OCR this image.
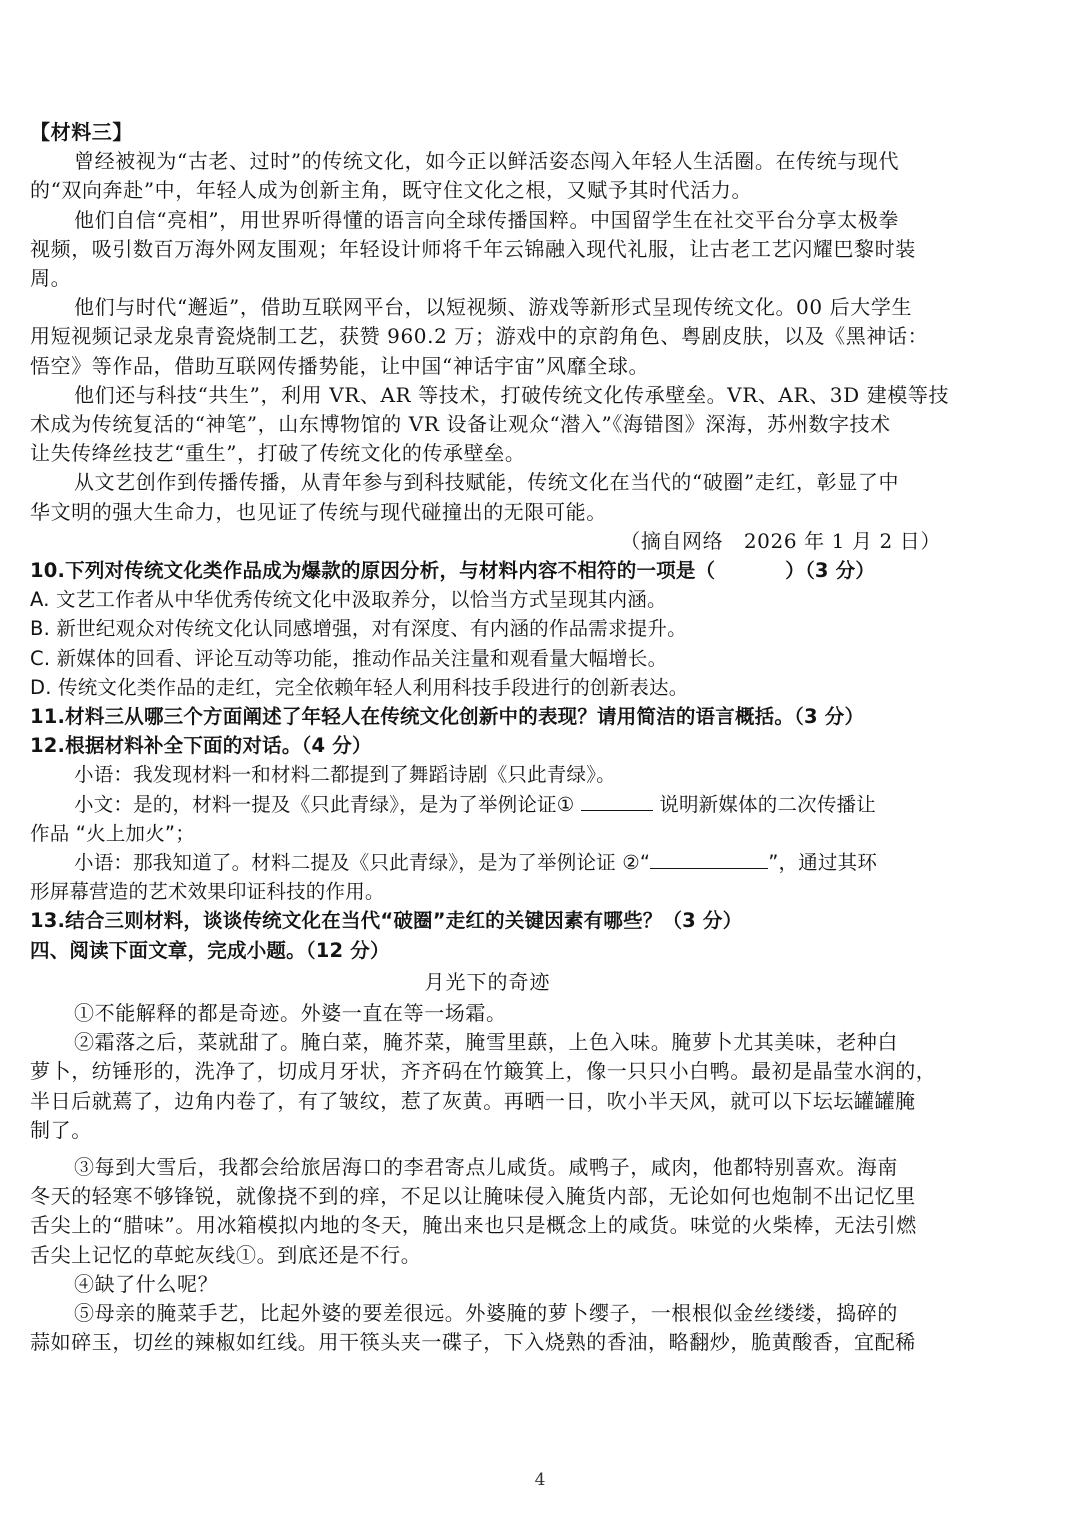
【材料三】
曾经被视为“古老、过时”的传统文化，如今正以鲜活姿态闯入年轻人生活圈。在传统与现代
的“双向奔赴”中，年轻人成为创新主角，既守住文化之根，又赋予其时代活力。
他们自信“亮相”，用世界听得懂的语言向全球传播国粹。中国留学生在社交平台分享太极拳
视频，吸引数百万海外网友围观；年轻设计师将千年云锦融入现代礼服，让古老工艺闪耀巴黎时装
周。
他们与时代“邂逅”，借助互联网平台，以短视频、游戏等新形式呈现传统文化。00 后大学生
用短视频记录龙泉青瓷烧制工艺，获赞 960.2 万；游戏中的京韵角色、粤剧皮肤，以及《黑神话：
悟空》等作品，借助互联网传播势能，让中国“神话宇宙”风靡全球。
他们还与科技“共生”，利用 VR、AR 等技术，打破传统文化传承壁垒。VR、AR、3D 建模等技
术成为传统复活的“神笔”，山东博物馆的 VR 设备让观众“潜入”《海错图》深海，苏州数字技术
让失传绛丝技艺“重生”，打破了传统文化的传承壁垒。
从文艺创作到传播传播，从青年参与到科技赋能，传统文化在当代的“破圈”走红，彰显了中
华文明的强大生命力，也见证了传统与现代碰撞出的无限可能。
（摘自网络　2026 年 1 月 2 日）
10.下列对传统文化类作品成为爆款的原因分析，与材料内容不相符的一项是（	）（3 分）
A. 文艺工作者从中华优秀传统文化中汲取养分，以恰当方式呈现其内涵。
B. 新世纪观众对传统文化认同感增强，对有深度、有内涵的作品需求提升。
C. 新媒体的回看、评论互动等功能，推动作品关注量和观看量大幅增长。
D. 传统文化类作品的走红，完全依赖年轻人利用科技手段进行的创新表达。
11.材料三从哪三个方面阐述了年轻人在传统文化创新中的表现？请用简洁的语言概括。（3 分）
12.根据材料补全下面的对话。（4 分）
小语：我发现材料一和材料二都提到了舞蹈诗剧《只此青绿》。
小文：是的，材料一提及《只此青绿》，是为了举例论证①	说明新媒体的二次传播让
作品 “火上加火”；
小语：那我知道了。材料二提及《只此青绿》，是为了举例论证 ②“	”，通过其环
形屏幕营造的艺术效果印证科技的作用。
13.结合三则材料，谈谈传统文化在当代“破圈”走红的关键因素有哪些？（3 分）
四、阅读下面文章，完成小题。（12 分）
月光下的奇迹
①不能解释的都是奇迹。外婆一直在等一场霜。
②霜落之后，菜就甜了。腌白菜，腌芥菜，腌雪里蕻，上色入味。腌萝卜尤其美味，老种白
萝卜，纺锤形的，洗净了，切成月牙状，齐齐码在竹簸箕上，像一只只小白鸭。最初是晶莹水润的，
半日后就蔫了，边角内卷了，有了皱纹，惹了灰黄。再晒一日，吹小半天风，就可以下坛坛罐罐腌
制了。
③每到大雪后，我都会给旅居海口的李君寄点儿咸货。咸鸭子，咸肉，他都特别喜欢。海南
冬天的轻寒不够锋锐，就像挠不到的痒，不足以让腌味侵入腌货内部，无论如何也炮制不出记忆里
舌尖上的“腊味”。用冰箱模拟内地的冬天，腌出来也只是概念上的咸货。味觉的火柴棒，无法引燃
舌尖上记忆的草蛇灰线①。到底还是不行。
④缺了什么呢？
⑤母亲的腌菜手艺，比起外婆的要差很远。外婆腌的萝卜缨子，一根根似金丝缕缕，捣碎的
蒜如碎玉，切丝的辣椒如红线。用干筷头夹一碟子，下入烧熟的香油，略翻炒，脆黄酸香，宜配稀
4
